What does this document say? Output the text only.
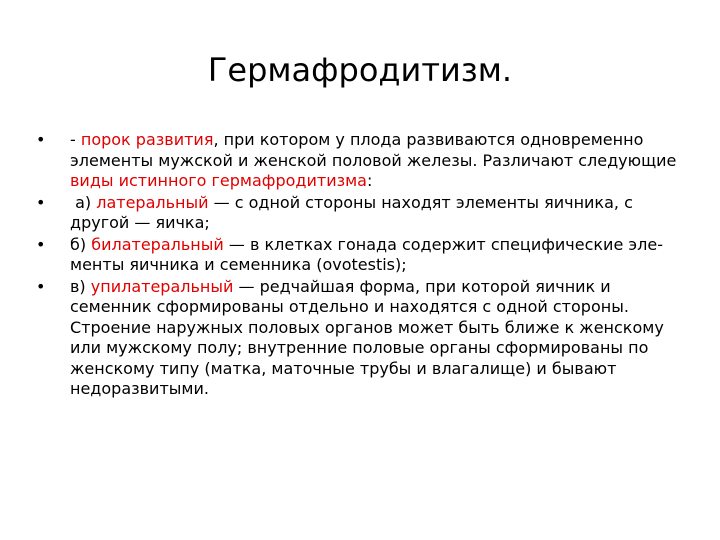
Гермафродитизм.
• - порок развития, при котором у плода развиваются одновременно элементы мужской и женской половой железы. Различают следующие виды истинного гермафродитизма:
• а) латеральный — с одной стороны находят элементы яичника, с другой — яичка;
• б) билатеральный — в клетках гонада содержит специфические эле-менты яичника и семенника (ovotestis);
• в) упилатеральный — редчайшая форма, при которой яичник и семенник сформированы отдельно и находятся с одной стороны. Строение наружных половых органов может быть ближе к женскому или мужскому полу; внутренние половые органы сформированы по женскому типу (матка, маточные трубы и влагалище) и бывают недоразвитыми.
